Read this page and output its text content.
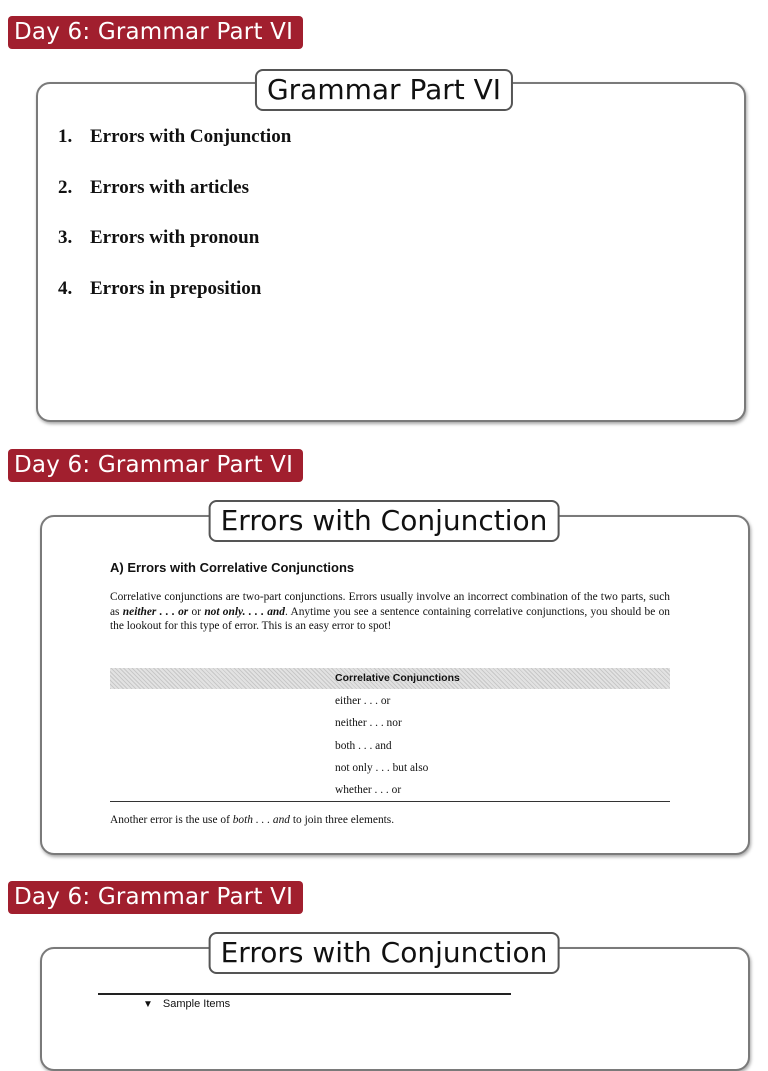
Day 6: Grammar Part VI
Grammar Part VI
1. Errors with Conjunction
2. Errors with articles
3. Errors with pronoun
4. Errors in preposition
Day 6: Grammar Part VI
Errors with Conjunction
A) Errors with Correlative Conjunctions
Correlative conjunctions are two-part conjunctions. Errors usually involve an incorrect combination of the two parts, such as neither . . . or or not only. . . . and. Anytime you see a sentence containing correlative conjunctions, you should be on the lookout for this type of error. This is an easy error to spot!
Correlative Conjunctions
either . . . or
neither . . . nor
both . . . and
not only . . . but also
whether . . . or
Another error is the use of both . . . and to join three elements.
Day 6: Grammar Part VI
Errors with Conjunction
▼ Sample Items
